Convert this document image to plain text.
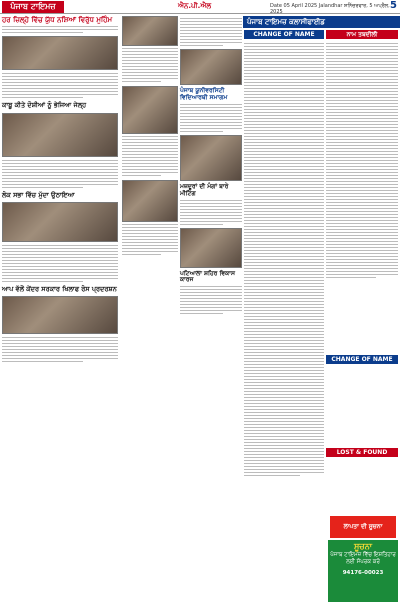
ਪੰਜਾਬ ਟਾਇਮਜ਼	ਐਨ.ਪੀ.ਐਲ	Date 05 April 2025 Jalandhar ਸ਼ਨਿੱਚਰਵਾਰ, 5 ਅਪ੍ਰੈਲ, 2025
5
ਹਰ ਜ਼ਿਲ੍ਹੇ ਵਿੱਚ ਯੁੱਧ ਨਸ਼ਿਆਂ ਵਿਰੁੱਧ ਮੁਹਿੰਮ
ਕਾਬੂ ਕੀਤੇ ਦੋਸ਼ੀਆਂ ਨੂੰ ਭੇਜਿਆ ਜੇਲ੍ਹ
ਲੋਕ ਸਭਾ ਵਿੱਚ ਮੁੱਦਾ ਉਠਾਇਆ
ਆਪ ਵੱਲੋਂ ਕੇਂਦਰ ਸਰਕਾਰ ਖਿਲਾਫ ਰੋਸ ਪ੍ਰਦਰਸ਼ਨ
ਪੰਜਾਬ ਯੂਨੀਵਰਸਿਟੀ ਵਿਦਿਆਰਥੀ ਸਮਾਗਮ
ਮਜ਼ਦੂਰਾਂ ਦੀ ਮੰਗਾਂ ਬਾਰੇ ਮੀਟਿੰਗ
ਪਟਿਆਲਾ ਸ਼ਹਿਰ ਵਿਕਾਸ ਕਾਰਜ
ਪੰਜਾਬ ਟਾਇਮਜ਼ ਕਲਾਸੀਫਾਈਡ
CHANGE OF NAME	ਨਾਮ ਤਬਦੀਲੀ
CHANGE OF NAME
LOST & FOUND
ਲਾਪਤਾ ਦੀ ਸੂਚਨਾ
ਸੂਚਨਾ
ਪੰਜਾਬ ਟਾਇਮਜ਼ ਵਿੱਚ ਇਸ਼ਤਿਹਾਰ ਲਈ ਸੰਪਰਕ ਕਰੋ
94176-00023
